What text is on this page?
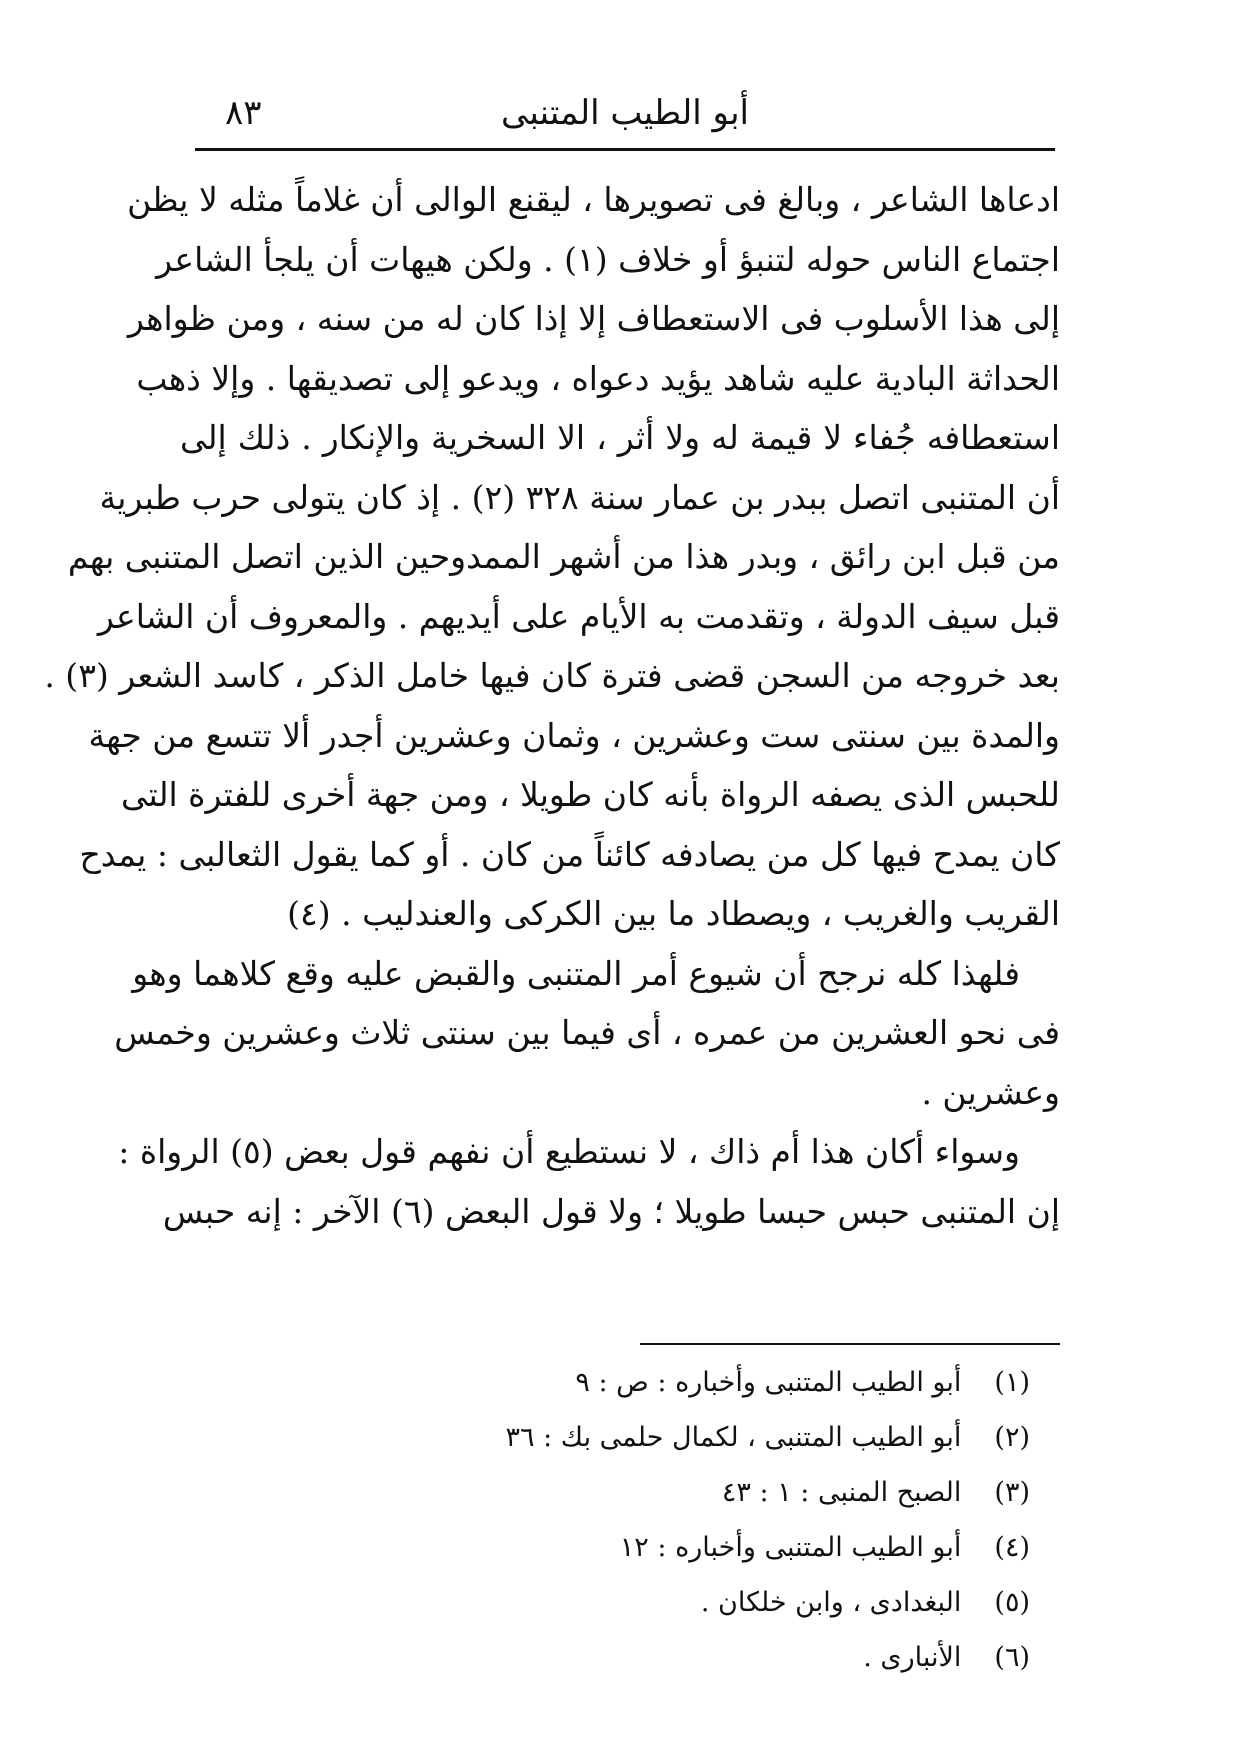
أبو الطيب المتنبى
٨٣
ادعاها الشاعر ، وبالغ فى تصويرها ، ليقنع الوالى أن غلاماً مثله لا يظن
اجتماع الناس حوله لتنبؤ أو خلاف (١) . ولكن هيهات أن يلجأ الشاعر
إلى هذا الأسلوب فى الاستعطاف إلا إذا كان له من سنه ، ومن ظواهر
الحداثة البادية عليه شاهد يؤيد دعواه ، ويدعو إلى تصديقها . وإلا ذهب
استعطافه جُفاء لا قيمة له ولا أثر ، الا السخرية والإنكار . ذلك إلى
أن المتنبى اتصل ببدر بن عمار سنة ٣٢٨ (٢) . إذ كان يتولى حرب طبرية
من قبل ابن رائق ، وبدر هذا من أشهر الممدوحين الذين اتصل المتنبى بهم
قبل سيف الدولة ، وتقدمت به الأيام على أيديهم . والمعروف أن الشاعر
بعد خروجه من السجن قضى فترة كان فيها خامل الذكر ، كاسد الشعر (٣) .
والمدة بين سنتى ست وعشرين ، وثمان وعشرين أجدر ألا تتسع من جهة
للحبس الذى يصفه الرواة بأنه كان طويلا ، ومن جهة أخرى للفترة التى
كان يمدح فيها كل من يصادفه كائناً من كان . أو كما يقول الثعالبى : يمدح
القريب والغريب ، ويصطاد ما بين الكركى والعندليب . (٤)
فلهذا كله نرجح أن شيوع أمر المتنبى والقبض عليه وقع كلاهما وهو
فى نحو العشرين من عمره ، أى فيما بين سنتى ثلاث وعشرين وخمس
وعشرين .
وسواء أكان هذا أم ذاك ، لا نستطيع أن نفهم قول بعض (٥) الرواة :
إن المتنبى حبس حبسا طويلا ؛ ولا قول البعض (٦) الآخر : إنه حبس
(١) أبو الطيب المتنبى وأخباره : ص : ٩
(٢) أبو الطيب المتنبى ، لكمال حلمى بك : ٣٦
(٣) الصبح المنبى : ١ : ٤٣
(٤) أبو الطيب المتنبى وأخباره : ١٢
(٥) البغدادى ، وابن خلكان .
(٦) الأنبارى .
